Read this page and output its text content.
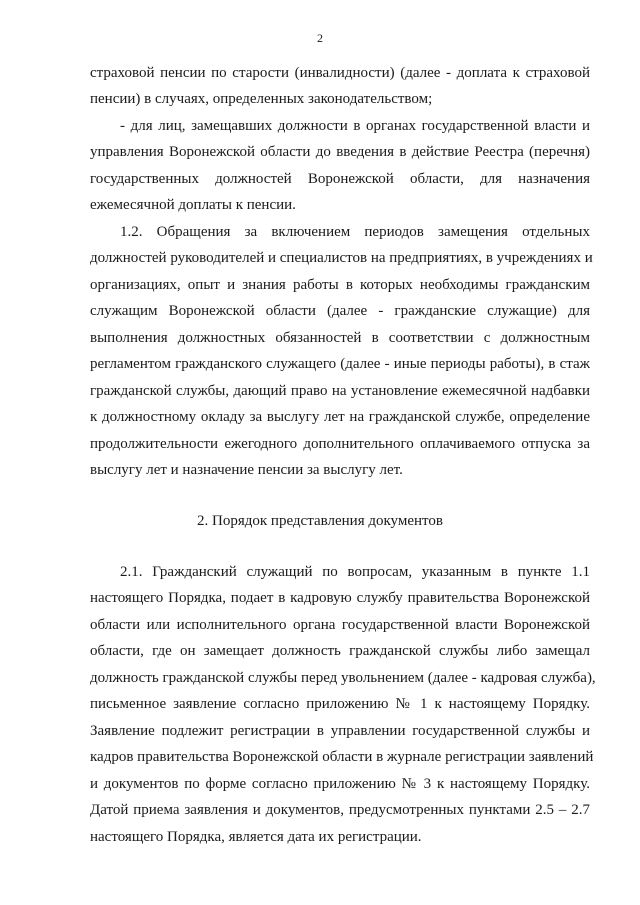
2
страховой пенсии по старости (инвалидности) (далее - доплата к страховой
пенсии) в случаях, определенных законодательством;
- для лиц, замещавших должности в органах государственной власти и
управления Воронежской области до введения в действие Реестра (перечня)
государственных должностей Воронежской области, для назначения
ежемесячной доплаты к пенсии.
1.2. Обращения за включением периодов замещения отдельных
должностей руководителей и специалистов на предприятиях, в учреждениях и
организациях, опыт и знания работы в которых необходимы гражданским
служащим Воронежской области (далее - гражданские служащие) для
выполнения должностных обязанностей в соответствии с должностным
регламентом гражданского служащего (далее - иные периоды работы), в стаж
гражданской службы, дающий право на установление ежемесячной надбавки
к должностному окладу за выслугу лет на гражданской службе, определение
продолжительности ежегодного дополнительного оплачиваемого отпуска за
выслугу лет и назначение пенсии за выслугу лет.
2. Порядок представления документов
2.1. Гражданский служащий по вопросам, указанным в пункте 1.1
настоящего Порядка, подает в кадровую службу правительства Воронежской
области или исполнительного органа государственной власти Воронежской
области, где он замещает должность гражданской службы либо замещал
должность гражданской службы перед увольнением (далее - кадровая служба),
письменное заявление согласно приложению № 1 к настоящему Порядку.
Заявление подлежит регистрации в управлении государственной службы и
кадров правительства Воронежской области в журнале регистрации заявлений
и документов по форме согласно приложению № 3 к настоящему Порядку.
Датой приема заявления и документов, предусмотренных пунктами 2.5 – 2.7
настоящего Порядка, является дата их регистрации.
